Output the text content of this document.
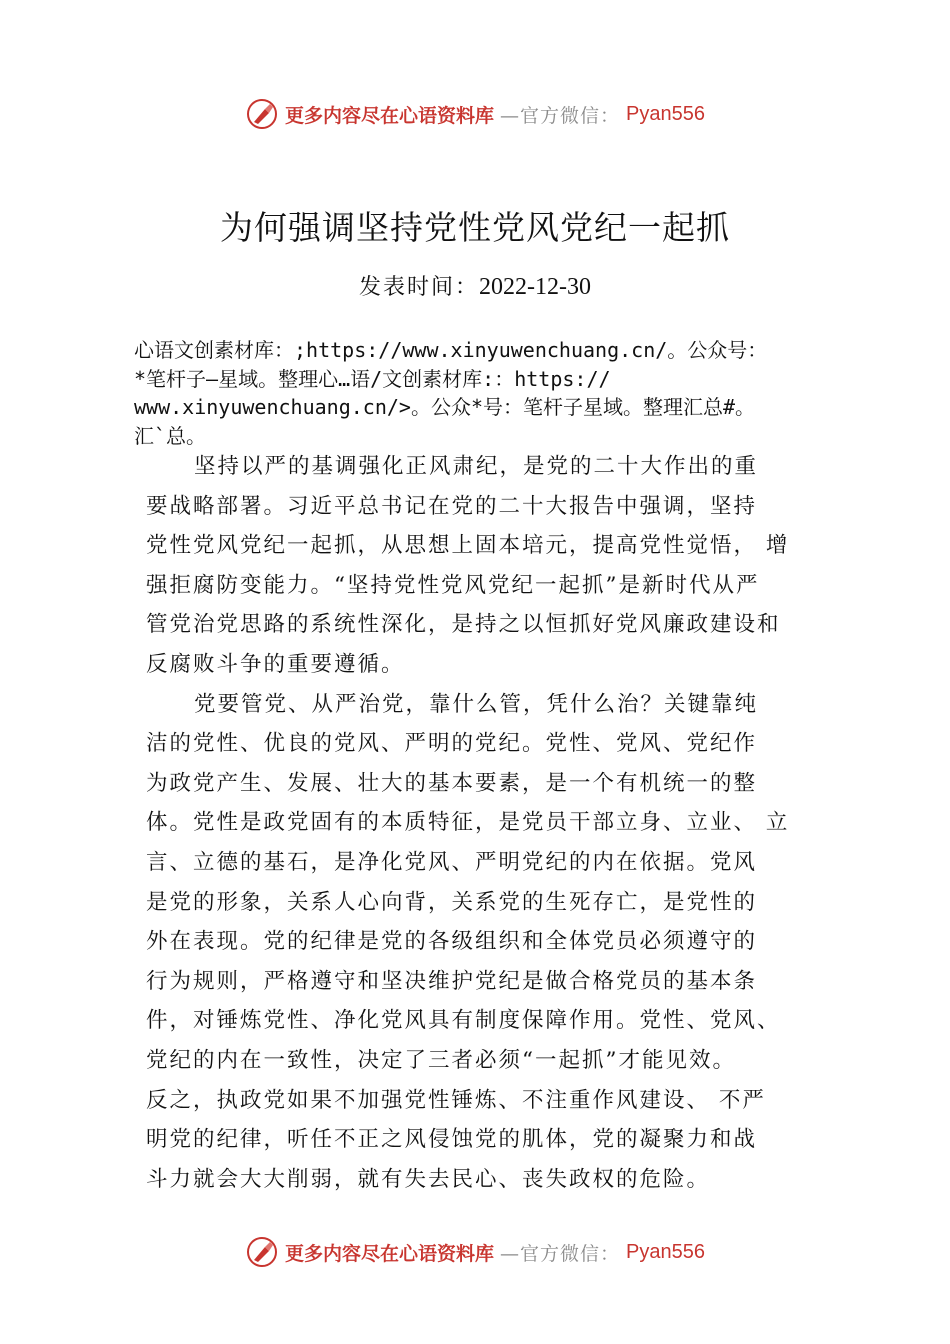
更多内容尽在心语资料库 —官方微信： Pyan556
为何强调坚持党性党风党纪一起抓
发表时间：2022-12-30
心语文创素材库：;https://www.xinyuwenchuang.cn/。公众号：
*笔杆子—星域。整理心…语/文创素材库:：https://
www.xinyuwenchuang.cn/>。公众*号：笔杆子星域。整理汇总#。
汇`总。
坚持以严的基调强化正风肃纪，是党的二十大作出的重
要战略部署。习近平总书记在党的二十大报告中强调，坚持
党性党风党纪一起抓，从思想上固本培元，提高党性觉悟， 增
强拒腐防变能力。“坚持党性党风党纪一起抓”是新时代从严
管党治党思路的系统性深化，是持之以恒抓好党风廉政建设和
反腐败斗争的重要遵循。
党要管党、从严治党，靠什么管，凭什么治？关键靠纯
洁的党性、优良的党风、严明的党纪。党性、党风、党纪作
为政党产生、发展、壮大的基本要素，是一个有机统一的整
体。党性是政党固有的本质特征，是党员干部立身、立业、 立
言、立德的基石，是净化党风、严明党纪的内在依据。党风
是党的形象，关系人心向背，关系党的生死存亡，是党性的
外在表现。党的纪律是党的各级组织和全体党员必须遵守的
行为规则，严格遵守和坚决维护党纪是做合格党员的基本条
件，对锤炼党性、净化党风具有制度保障作用。党性、党风、
党纪的内在一致性，决定了三者必须“一起抓”才能见效。
反之，执政党如果不加强党性锤炼、不注重作风建设、 不严
明党的纪律，听任不正之风侵蚀党的肌体，党的凝聚力和战
斗力就会大大削弱，就有失去民心、丧失政权的危险。
更多内容尽在心语资料库 —官方微信： Pyan556
